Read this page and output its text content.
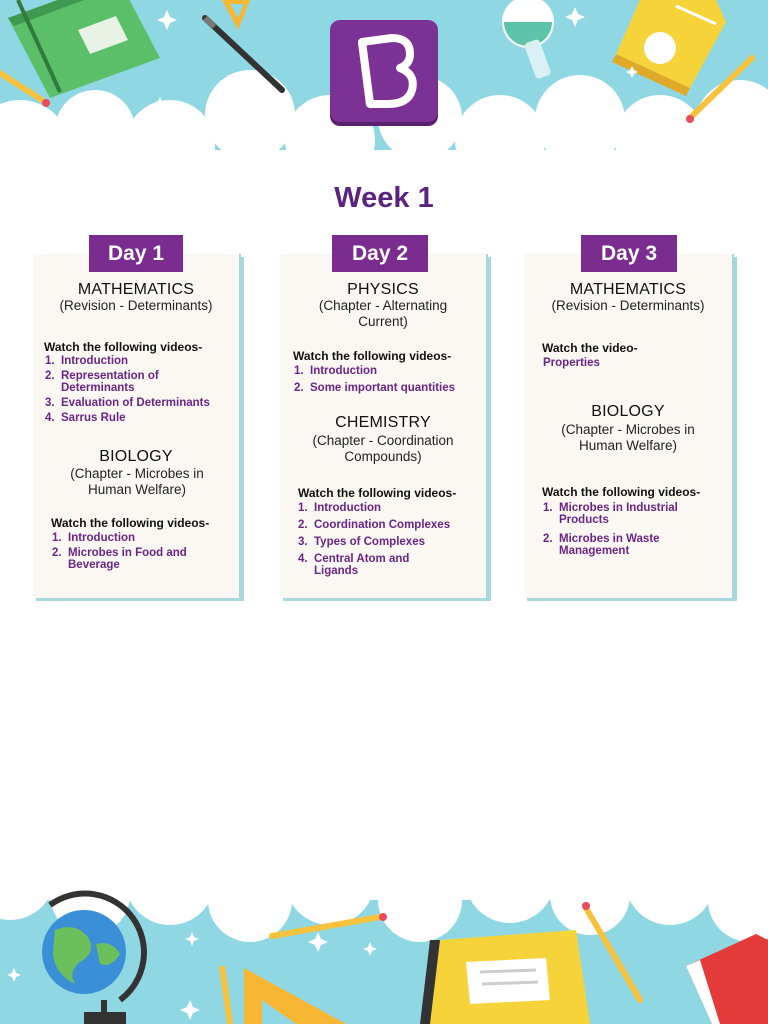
Week 1
Day 1
MATHEMATICS
(Revision - Determinants)
Watch the following videos-
1. Introduction
2. Representation of Determinants
3. Evaluation of Determinants
4. Sarrus Rule
BIOLOGY
(Chapter - Microbes in Human Welfare)
Watch the following videos-
1. Introduction
2. Microbes in Food and Beverage
Day 2
PHYSICS
(Chapter - Alternating Current)
Watch the following videos-
1. Introduction
2. Some important quantities
CHEMISTRY
(Chapter - Coordination Compounds)
Watch the following videos-
1. Introduction
2. Coordination Complexes
3. Types of Complexes
4. Central Atom and Ligands
Day 3
MATHEMATICS
(Revision - Determinants)
Watch the video-
Properties
BIOLOGY
(Chapter - Microbes in Human Welfare)
Watch the following videos-
1. Microbes in Industrial Products
2. Microbes in Waste Management
